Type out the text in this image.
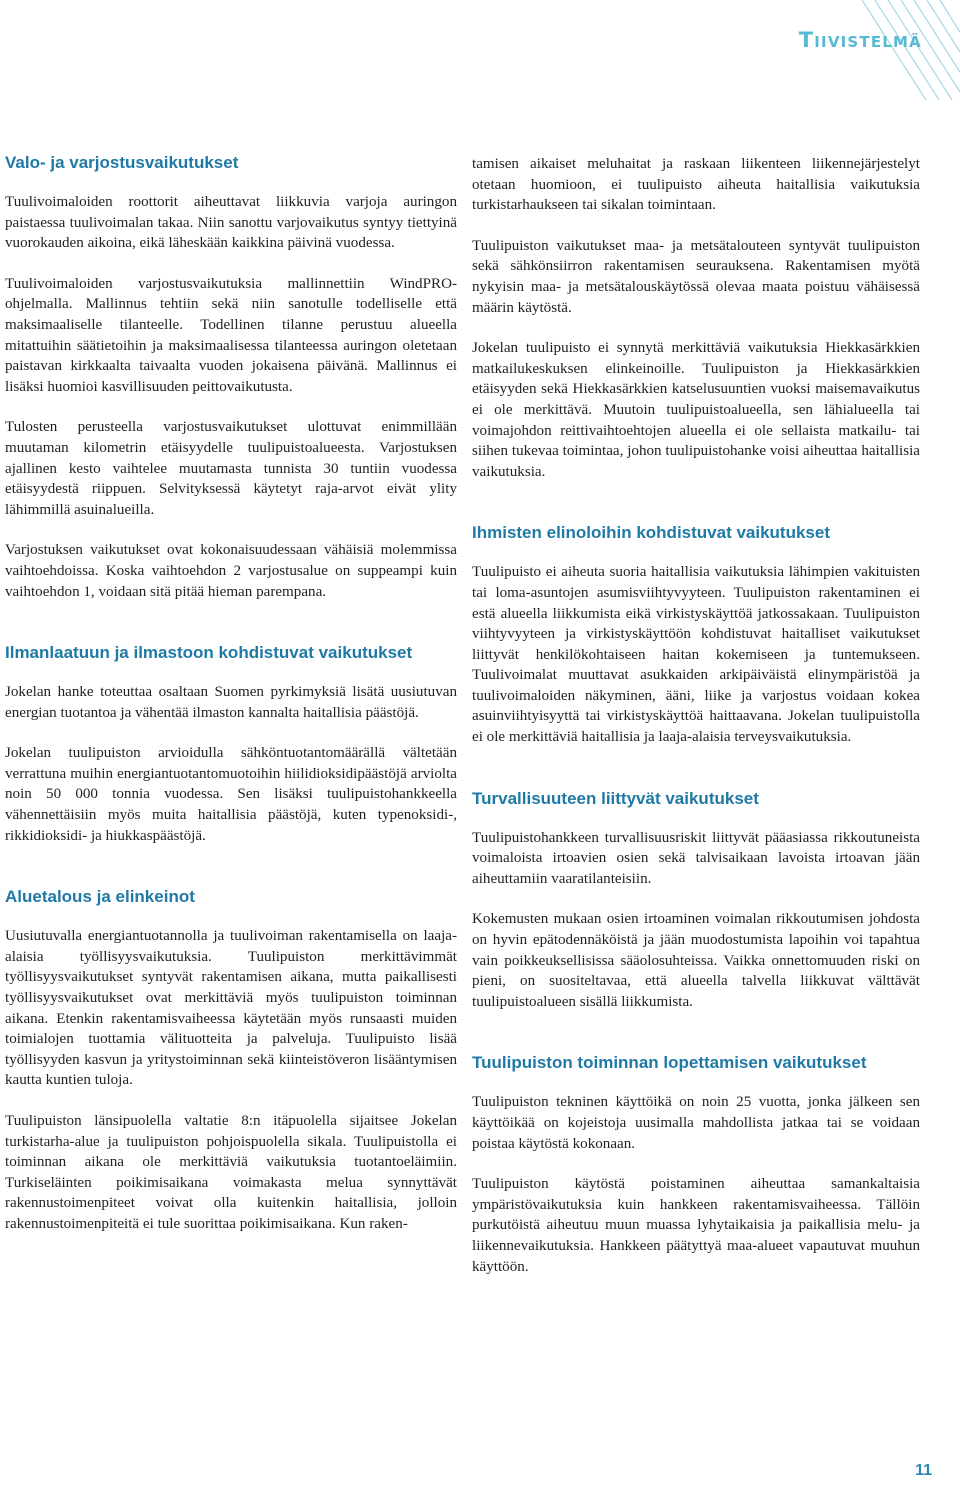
Tiivistelmä
Valo- ja varjostusvaikutukset

Tuulivoimaloiden roottorit aiheuttavat liikkuvia varjoja auringon paistaessa tuulivoimalan takaa. Niin sanottu varjovaikutus syntyy tiettyinä vuorokauden aikoina, eikä läheskään kaikkina päivinä vuodessa.

Tuulivoimaloiden varjostusvaikutuksia mallinnettiin WindPRO-ohjelmalla. Mallinnus tehtiin sekä niin sanotulle todelliselle että maksimaaliselle tilanteelle. Todellinen tilanne perustuu alueella mitattuihin säätietoihin ja maksimaalisessa tilanteessa auringon oletetaan paistavan kirkkaalta taivaalta vuoden jokaisena päivänä. Mallinnus ei lisäksi huomioi kasvillisuuden peittovaikutusta.

Tulosten perusteella varjostusvaikutukset ulottuvat enimmillään muutaman kilometrin etäisyydelle tuulipuistoalueesta. Varjostuksen ajallinen kesto vaihtelee muutamasta tunnista 30 tuntiin vuodessa etäisyydestä riippuen. Selvityksessä käytetyt raja-arvot eivät ylity lähimmillä asuinalueilla.

Varjostuksen vaikutukset ovat kokonaisuudessaan vähäisiä molemmissa vaihtoehdoissa. Koska vaihtoehdon 2 varjostusalue on suppeampi kuin vaihtoehdon 1, voidaan sitä pitää hieman parempana.

Ilmanlaatuun ja ilmastoon kohdistuvat vaikutukset

Jokelan hanke toteuttaa osaltaan Suomen pyrkimyksiä lisätä uusiutuvan energian tuotantoa ja vähentää ilmaston kannalta haitallisia päästöjä.

Jokelan tuulipuiston arvioidulla sähköntuotantomäärällä vältetään verrattuna muihin energiantuotantomuotoihin hiilidioksidipäästöjä arviolta noin 50 000 tonnia vuodessa. Sen lisäksi tuulipuistohankkeella vähennettäisiin myös muita haitallisia päästöjä, kuten typenoksidi-, rikkidioksidi- ja hiukkaspäästöjä.

Aluetalous ja elinkeinot

Uusiutuvalla energiantuotannolla ja tuulivoiman rakentamisella on laaja-alaisia työllisyysvaikutuksia. Tuulipuiston merkittävimmät työllisyysvaikutukset syntyvät rakentamisen aikana, mutta paikallisesti työllisyysvaikutukset ovat merkittäviä myös tuulipuiston toiminnan aikana. Etenkin rakentamisvaiheessa käytetään myös runsaasti muiden toimialojen tuottamia välituotteita ja palveluja. Tuulipuisto lisää työllisyyden kasvun ja yritystoiminnan sekä kiinteistöveron lisääntymisen kautta kuntien tuloja.

Tuulipuiston länsipuolella valtatie 8:n itäpuolella sijaitsee Jokelan turkistarha-alue ja tuulipuiston pohjoispuolella sikala. Tuulipuistolla ei toiminnan aikana ole merkittäviä vaikutuksia tuotantoeläimiin. Turkiseläinten poikimisaikana voimakasta melua synnyttävät rakennustoimenpiteet voivat olla kuitenkin haitallisia, jolloin rakennustoimenpiteitä ei tule suorittaa poikimisaikana. Kun raken-

tamisen aikaiset meluhaitat ja raskaan liikenteen liikennejärjestelyt otetaan huomioon, ei tuulipuisto aiheuta haitallisia vaikutuksia turkistarhaukseen tai sikalan toimintaan.

Tuulipuiston vaikutukset maa- ja metsätalouteen syntyvät tuulipuiston sekä sähkönsiirron rakentamisen seurauksena. Rakentamisen myötä nykyisin maa- ja metsätalouskäytössä olevaa maata poistuu vähäisessä määrin käytöstä.

Jokelan tuulipuisto ei synnytä merkittäviä vaikutuksia Hiekkasärkkien matkailukeskuksen elinkeinoille. Tuulipuiston ja Hiekkasärkkien etäisyyden sekä Hiekkasärkkien katselusuuntien vuoksi maisemavaikutus ei ole merkittävä. Muutoin tuulipuistoalueella, sen lähialueella tai voimajohdon reittivaihtoehtojen alueella ei ole sellaista matkailu- tai siihen tukevaa toimintaa, johon tuulipuistohanke voisi aiheuttaa haitallisia vaikutuksia.

Ihmisten elinoloihin kohdistuvat vaikutukset

Tuulipuisto ei aiheuta suoria haitallisia vaikutuksia lähimpien vakituisten tai loma-asuntojen asumisviihtyvyyteen. Tuulipuiston rakentaminen ei estä alueella liikkumista eikä virkistyskäyttöä jatkossakaan. Tuulipuiston viihtyvyyteen ja virkistyskäyttöön kohdistuvat haitalliset vaikutukset liittyvät henkilökohtaiseen haitan kokemiseen ja tuntemukseen. Tuulivoimalat muuttavat asukkaiden arkipäiväistä elinympäristöä ja tuulivoimaloiden näkyminen, ääni, liike ja varjostus voidaan kokea asuinviihtyisyyttä tai virkistyskäyttöä haittaavana. Jokelan tuulipuistolla ei ole merkittäviä haitallisia ja laaja-alaisia terveysvaikutuksia.

Turvallisuuteen liittyvät vaikutukset

Tuulipuistohankkeen turvallisuusriskit liittyvät pääasiassa rikkoutuneista voimaloista irtoavien osien sekä talvisaikaan lavoista irtoavan jään aiheuttamiin vaaratilanteisiin.

Kokemusten mukaan osien irtoaminen voimalan rikkoutumisen johdosta on hyvin epätodennäköistä ja jään muodostumista lapoihin voi tapahtua vain poikkeuksellisissa sääolosuhteissa. Vaikka onnettomuuden riski on pieni, on suositeltavaa, että alueella talvella liikkuvat välttävät tuulipuistoalueen sisällä liikkumista.

Tuulipuiston toiminnan lopettamisen vaikutukset

Tuulipuiston tekninen käyttöikä on noin 25 vuotta, jonka jälkeen sen käyttöikää on kojeistoja uusimalla mahdollista jatkaa tai se voidaan poistaa käytöstä kokonaan.

Tuulipuiston käytöstä poistaminen aiheuttaa samankaltaisia ympäristövaikutuksia kuin hankkeen rakentamisvaiheessa. Tällöin purkutöistä aiheutuu muun muassa lyhytaikaisia ja paikallisia melu- ja liikennevaikutuksia. Hankkeen päätyttyä maa-alueet vapautuvat muuhun käyttöön.

11
